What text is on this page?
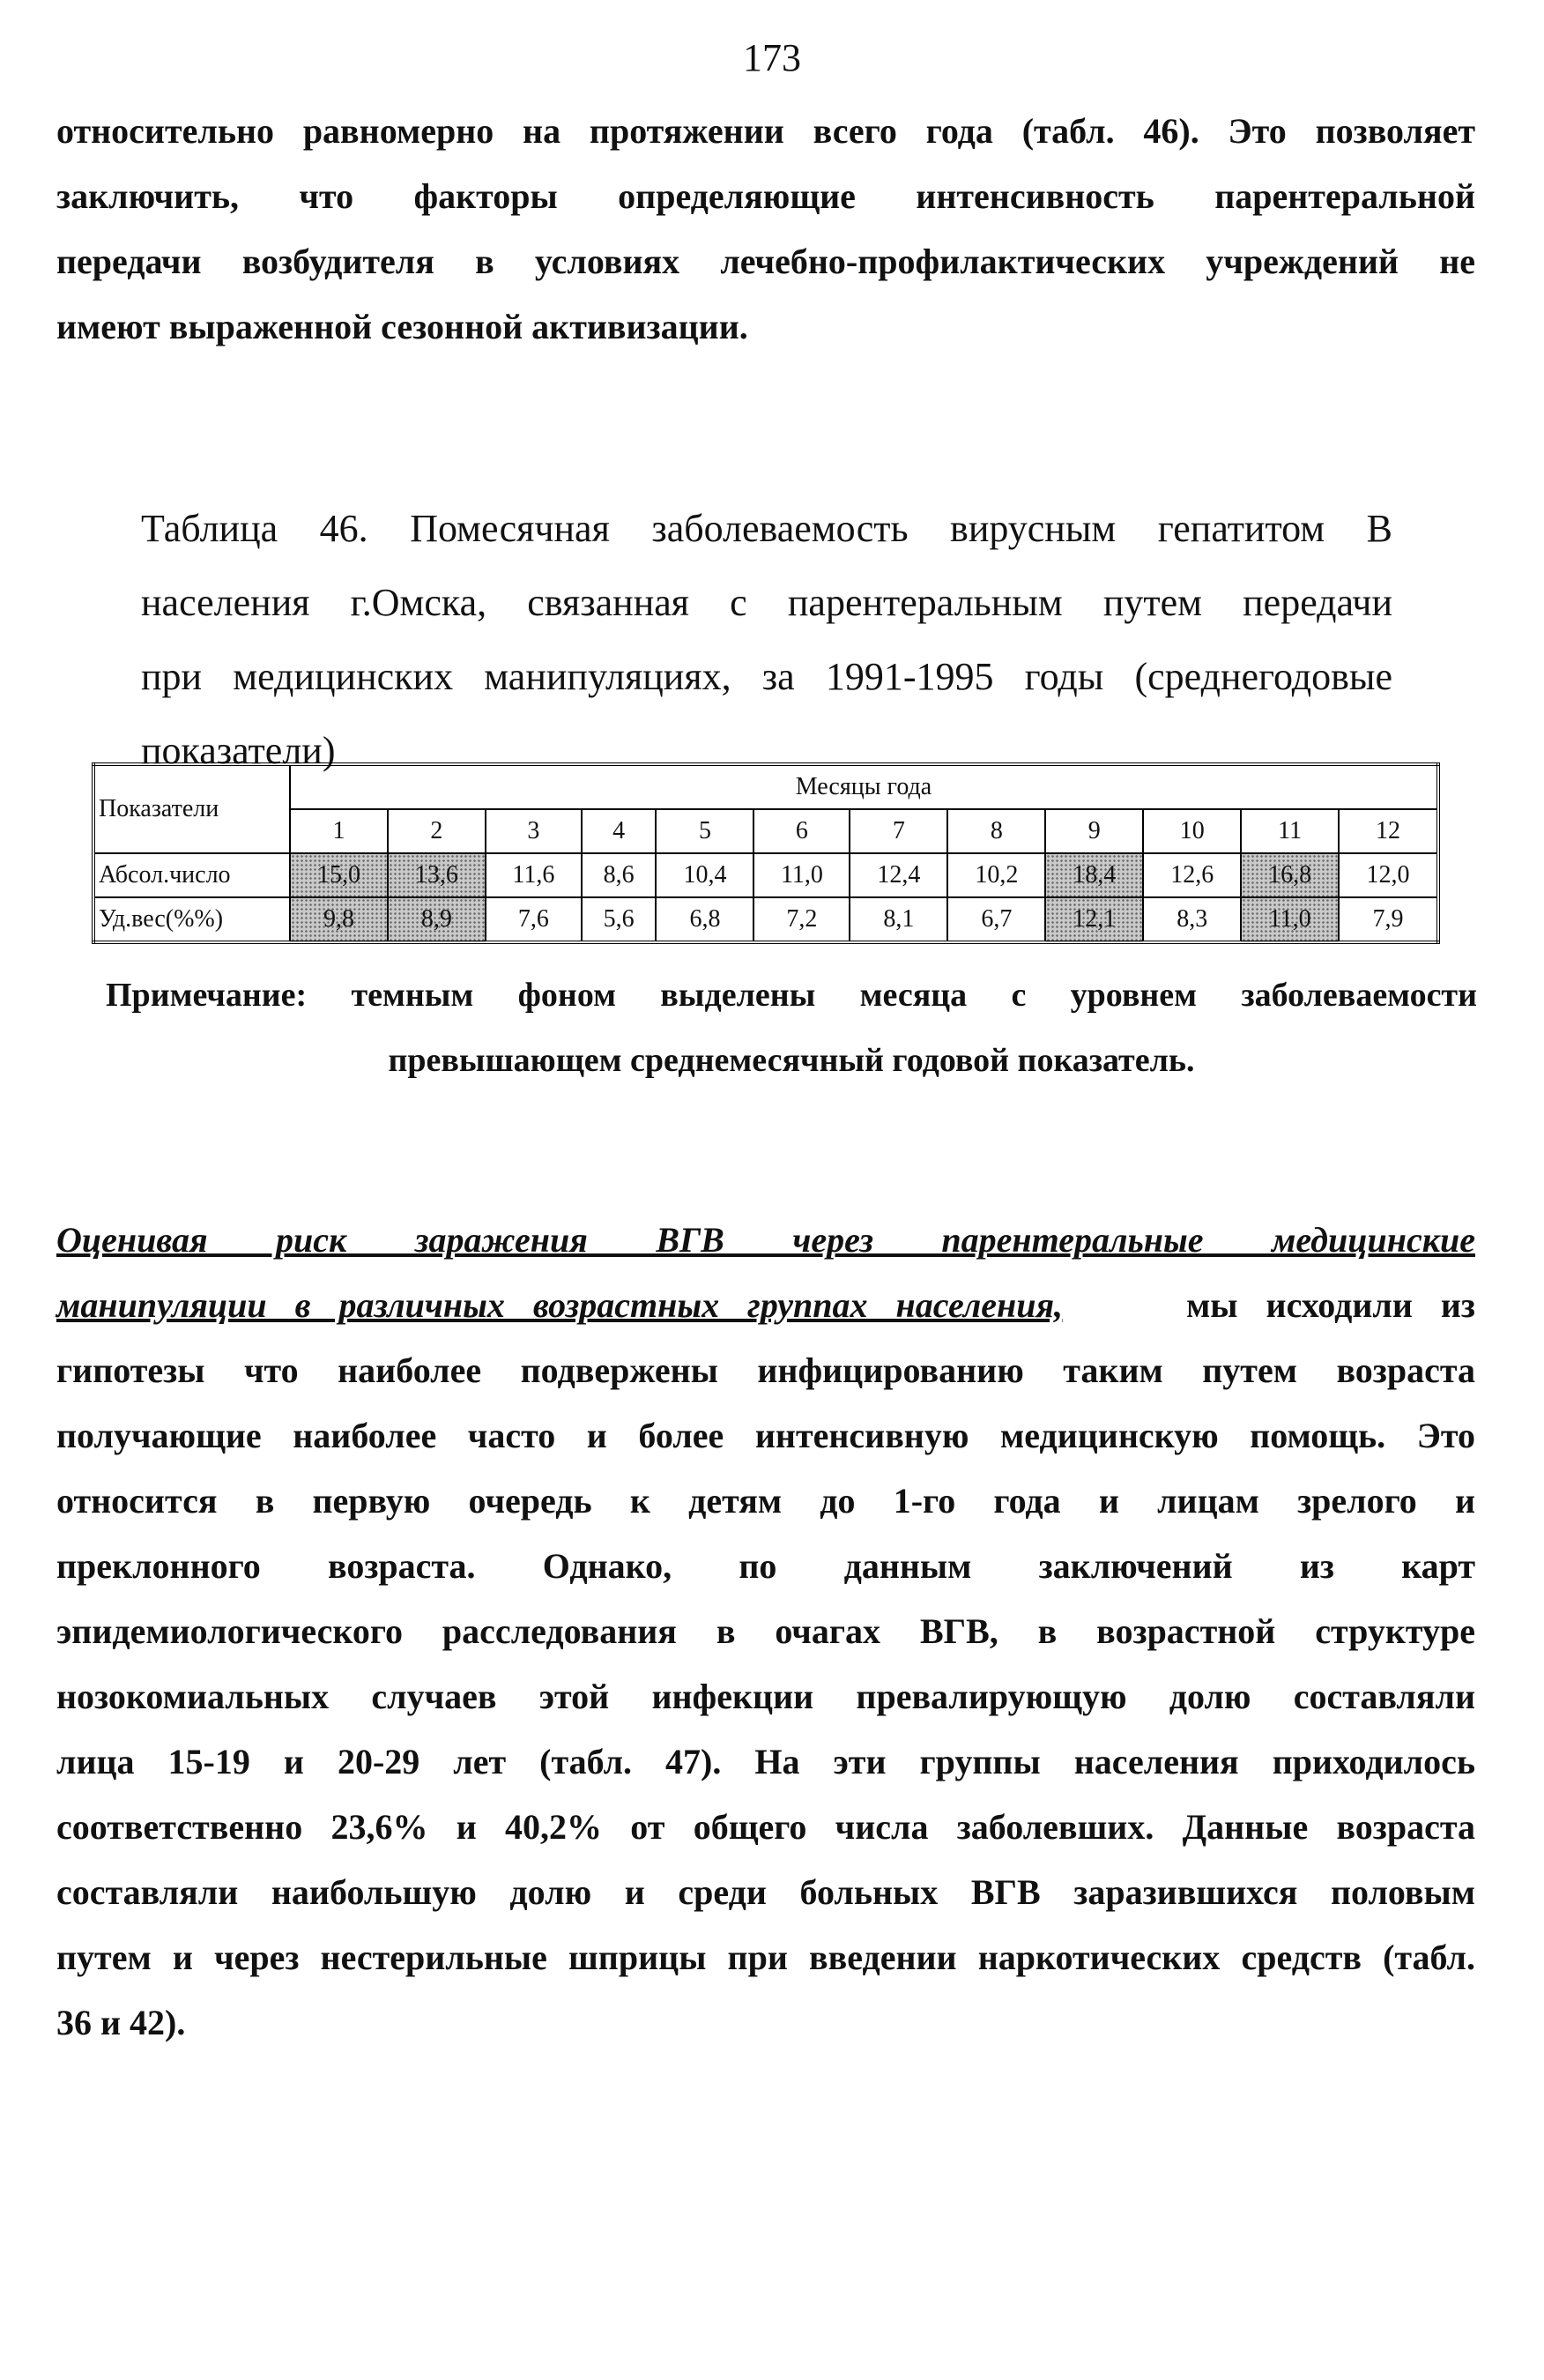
173
относительно равномерно на протяжении всего года (табл. 46). Это позволяет
заключить, что факторы определяющие интенсивность парентеральной
передачи возбудителя в условиях лечебно-профилактических учреждений не
имеют выраженной сезонной активизации.
Таблица 46. Помесячная заболеваемость вирусным гепатитом В
населения г.Омска, связанная с парентеральным путем передачи
при медицинских манипуляциях, за 1991-1995 годы (среднегодовые
показатели)
Показатели	Месяцы года											
	1	2	3	4	5	6	7	8	9	10	11	12
Абсол.число	15,0	13,6	11,6	8,6	10,4	11,0	12,4	10,2	18,4	12,6	16,8	12,0
Уд.вес(%%)	9,8	8,9	7,6	5,6	6,8	7,2	8,1	6,7	12,1	8,3	11,0	7,9
Примечание: темным фоном выделены месяца с уровнем заболеваемости
превышающем среднемесячный годовой показатель.
Оценивая риск заражения ВГВ через парентеральные медицинские
манипуляции в различных возрастных группах населения,	мы исходили из
гипотезы что наиболее подвержены инфицированию таким путем возраста
получающие наиболее часто и более интенсивную медицинскую помощь. Это
относится в первую очередь к детям до 1-го года и лицам зрелого и
преклонного возраста. Однако, по данным заключений из карт
эпидемиологического расследования в очагах ВГВ, в возрастной структуре
нозокомиальных случаев этой инфекции превалирующую долю составляли
лица 15-19 и 20-29 лет (табл. 47). На эти группы населения приходилось
соответственно 23,6% и 40,2% от общего числа заболевших. Данные возраста
составляли наибольшую долю и среди больных ВГВ заразившихся половым
путем и через нестерильные шприцы при введении наркотических средств (табл.
36 и 42).
